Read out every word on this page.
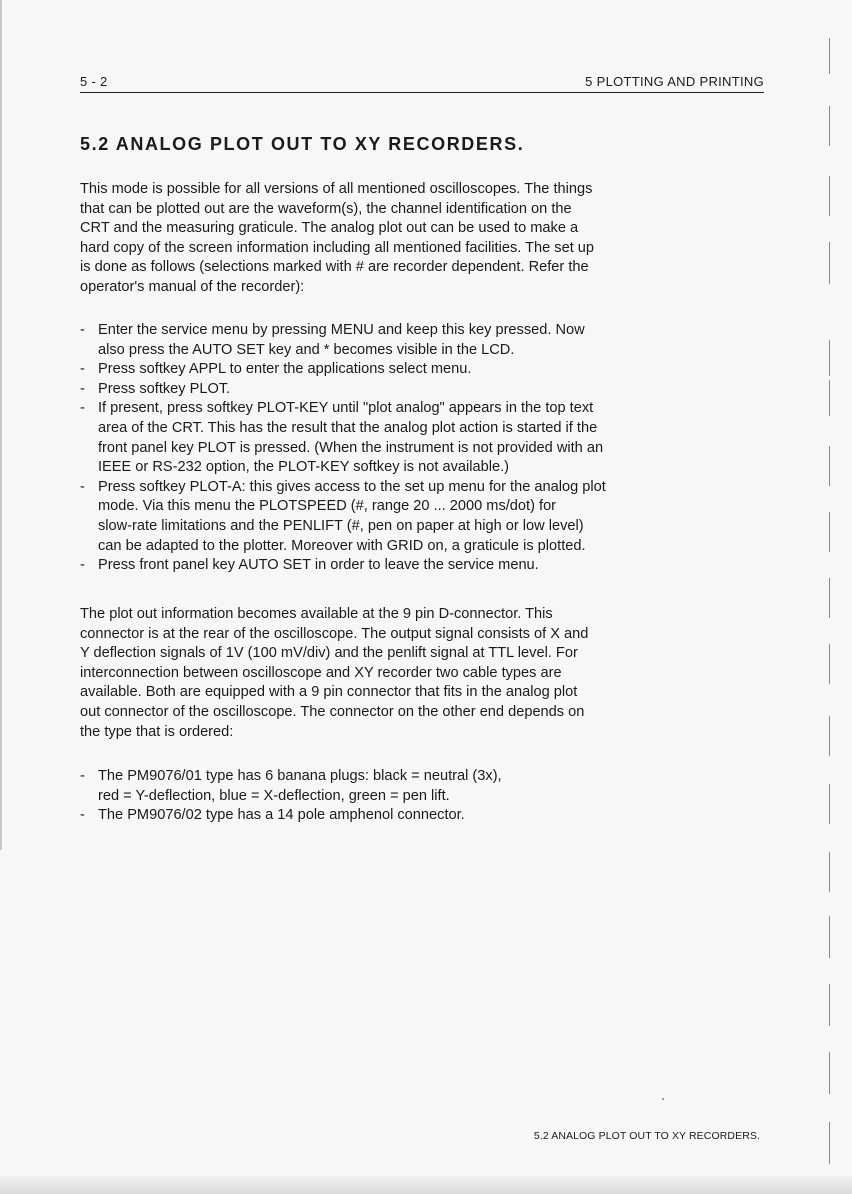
5 - 2	5 PLOTTING AND PRINTING
5.2 ANALOG PLOT OUT TO XY RECORDERS.
This mode is possible for all versions of all mentioned oscilloscopes. The things
that can be plotted out are the waveform(s), the channel identification on the
CRT and the measuring graticule. The analog plot out can be used to make a
hard copy of the screen information including all mentioned facilities. The set up
is done as follows (selections marked with # are recorder dependent. Refer the
operator's manual of the recorder):
- Enter the service menu by pressing MENU and keep this key pressed. Now
also press the AUTO SET key and * becomes visible in the LCD.
- Press softkey APPL to enter the applications select menu.
- Press softkey PLOT.
- If present, press softkey PLOT-KEY until "plot analog" appears in the top text
area of the CRT. This has the result that the analog plot action is started if the
front panel key PLOT is pressed. (When the instrument is not provided with an
IEEE or RS-232 option, the PLOT-KEY softkey is not available.)
- Press softkey PLOT-A: this gives access to the set up menu for the analog plot
mode. Via this menu the PLOTSPEED (#, range 20 ... 2000 ms/dot) for
slow-rate limitations and the PENLIFT (#, pen on paper at high or low level)
can be adapted to the plotter. Moreover with GRID on, a graticule is plotted.
- Press front panel key AUTO SET in order to leave the service menu.
The plot out information becomes available at the 9 pin D-connector. This
connector is at the rear of the oscilloscope. The output signal consists of X and
Y deflection signals of 1V (100 mV/div) and the penlift signal at TTL level. For
interconnection between oscilloscope and XY recorder two cable types are
available. Both are equipped with a 9 pin connector that fits in the analog plot
out connector of the oscilloscope. The connector on the other end depends on
the type that is ordered:
- The PM9076/01 type has 6 banana plugs: black = neutral (3x),
red = Y-deflection, blue = X-deflection, green = pen lift.
- The PM9076/02 type has a 14 pole amphenol connector.
5.2 ANALOG PLOT OUT TO XY RECORDERS.
